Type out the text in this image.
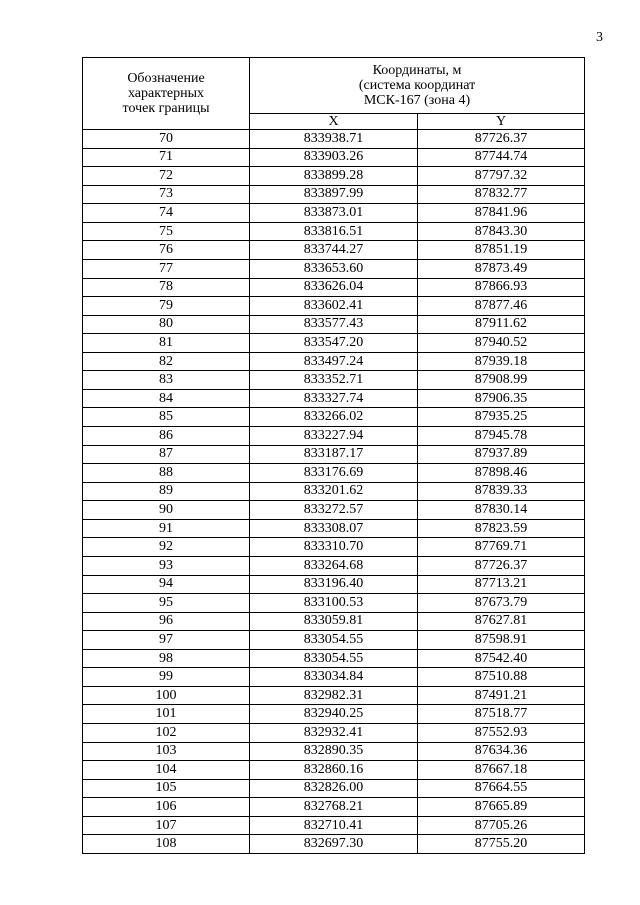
3
Обозначение
характерных
точек границы	Координаты, м
(система координат
МСК-167 (зона 4)	

	X	Y
70	833938.71	87726.37
71	833903.26	87744.74
72	833899.28	87797.32
73	833897.99	87832.77
74	833873.01	87841.96
75	833816.51	87843.30
76	833744.27	87851.19
77	833653.60	87873.49
78	833626.04	87866.93
79	833602.41	87877.46
80	833577.43	87911.62
81	833547.20	87940.52
82	833497.24	87939.18
83	833352.71	87908.99
84	833327.74	87906.35
85	833266.02	87935.25
86	833227.94	87945.78
87	833187.17	87937.89
88	833176.69	87898.46
89	833201.62	87839.33
90	833272.57	87830.14
91	833308.07	87823.59
92	833310.70	87769.71
93	833264.68	87726.37
94	833196.40	87713.21
95	833100.53	87673.79
96	833059.81	87627.81
97	833054.55	87598.91
98	833054.55	87542.40
99	833034.84	87510.88
100	832982.31	87491.21
101	832940.25	87518.77
102	832932.41	87552.93
103	832890.35	87634.36
104	832860.16	87667.18
105	832826.00	87664.55
106	832768.21	87665.89
107	832710.41	87705.26
108	832697.30	87755.20
